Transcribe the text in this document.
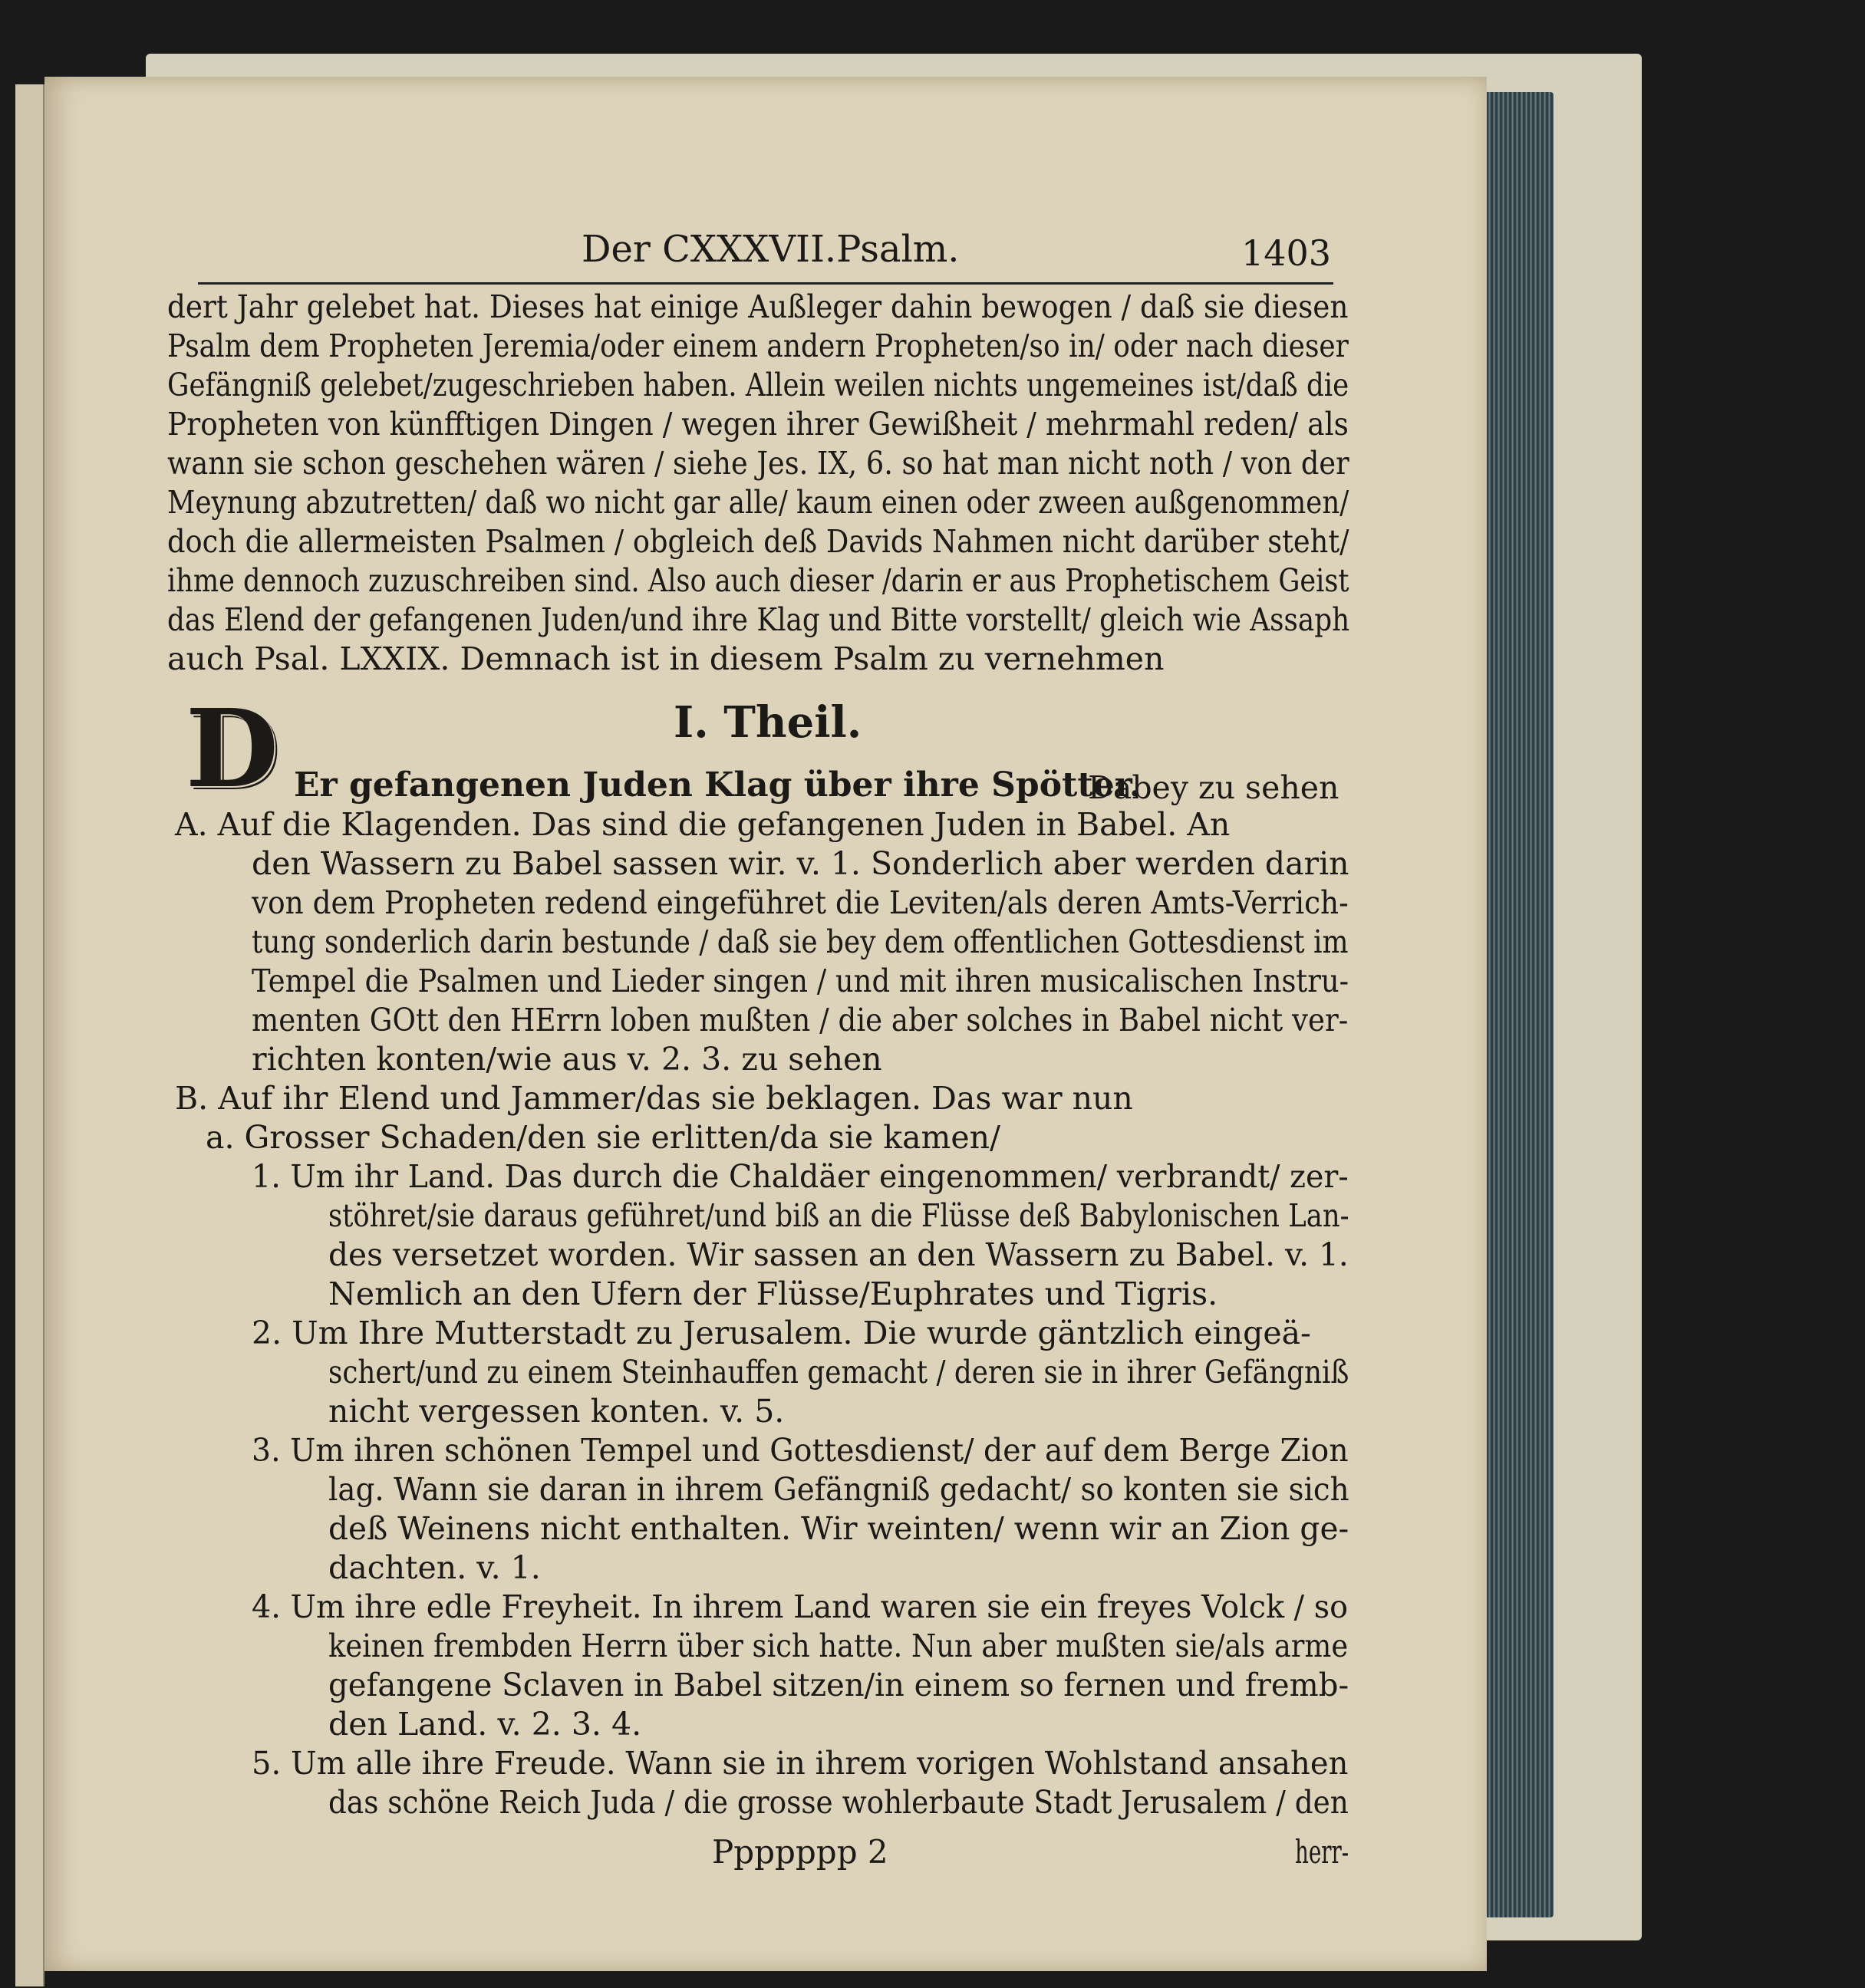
Der CXXXVII.Psalm.	1403
dert Jahr gelebet hat. Dieses hat einige Außleger dahin bewogen / daß sie diesen
Psalm dem Propheten Jeremia/oder einem andern Propheten/so in/ oder nach dieser
Gefängniß gelebet/zugeschrieben haben. Allein weilen nichts ungemeines ist/daß die
Propheten von künfftigen Dingen / wegen ihrer Gewißheit / mehrmahl reden/ als
wann sie schon geschehen wären / siehe Jes. IX, 6. so hat man nicht noth / von der
Meynung abzutretten/ daß wo nicht gar alle/ kaum einen oder zween außgenommen/
doch die allermeisten Psalmen / obgleich deß Davids Nahmen nicht darüber steht/
ihme dennoch zuzuschreiben sind. Also auch dieser /darin er aus Prophetischem Geist
das Elend der gefangenen Juden/und ihre Klag und Bitte vorstellt/ gleich wie Assaph
auch Psal. LXXIX. Demnach ist in diesem Psalm zu vernehmen
D	I. Theil.
Er gefangenen Juden Klag über ihre Spötter.
Dabey zu sehen
A. Auf die Klagenden. Das sind die gefangenen Juden in Babel. An
den Wassern zu Babel sassen wir. v. 1. Sonderlich aber werden darin
von dem Propheten redend eingeführet die Leviten/als deren Amts-Verrich-
tung sonderlich darin bestunde / daß sie bey dem offentlichen Gottesdienst im
Tempel die Psalmen und Lieder singen / und mit ihren musicalischen Instru-
menten GOtt den HErrn loben mußten / die aber solches in Babel nicht ver-
richten konten/wie aus v. 2. 3. zu sehen
B. Auf ihr Elend und Jammer/das sie beklagen. Das war nun
a. Grosser Schaden/den sie erlitten/da sie kamen/
1. Um ihr Land. Das durch die Chaldäer eingenommen/ verbrandt/ zer-
stöhret/sie daraus geführet/und biß an die Flüsse deß Babylonischen Lan-
des versetzet worden. Wir sassen an den Wassern zu Babel. v. 1.
Nemlich an den Ufern der Flüsse/Euphrates und Tigris.
2. Um Ihre Mutterstadt zu Jerusalem. Die wurde gäntzlich eingeä-
schert/und zu einem Steinhauffen gemacht / deren sie in ihrer Gefängniß
nicht vergessen konten. v. 5.
3. Um ihren schönen Tempel und Gottesdienst/ der auf dem Berge Zion
lag. Wann sie daran in ihrem Gefängniß gedacht/ so konten sie sich
deß Weinens nicht enthalten. Wir weinten/ wenn wir an Zion ge-
dachten. v. 1.
4. Um ihre edle Freyheit. In ihrem Land waren sie ein freyes Volck / so
keinen frembden Herrn über sich hatte. Nun aber mußten sie/als arme
gefangene Sclaven in Babel sitzen/in einem so fernen und fremb-
den Land. v. 2. 3. 4.
5. Um alle ihre Freude. Wann sie in ihrem vorigen Wohlstand ansahen
das schöne Reich Juda / die grosse wohlerbaute Stadt Jerusalem / den
Ppppppp 2	herr-
